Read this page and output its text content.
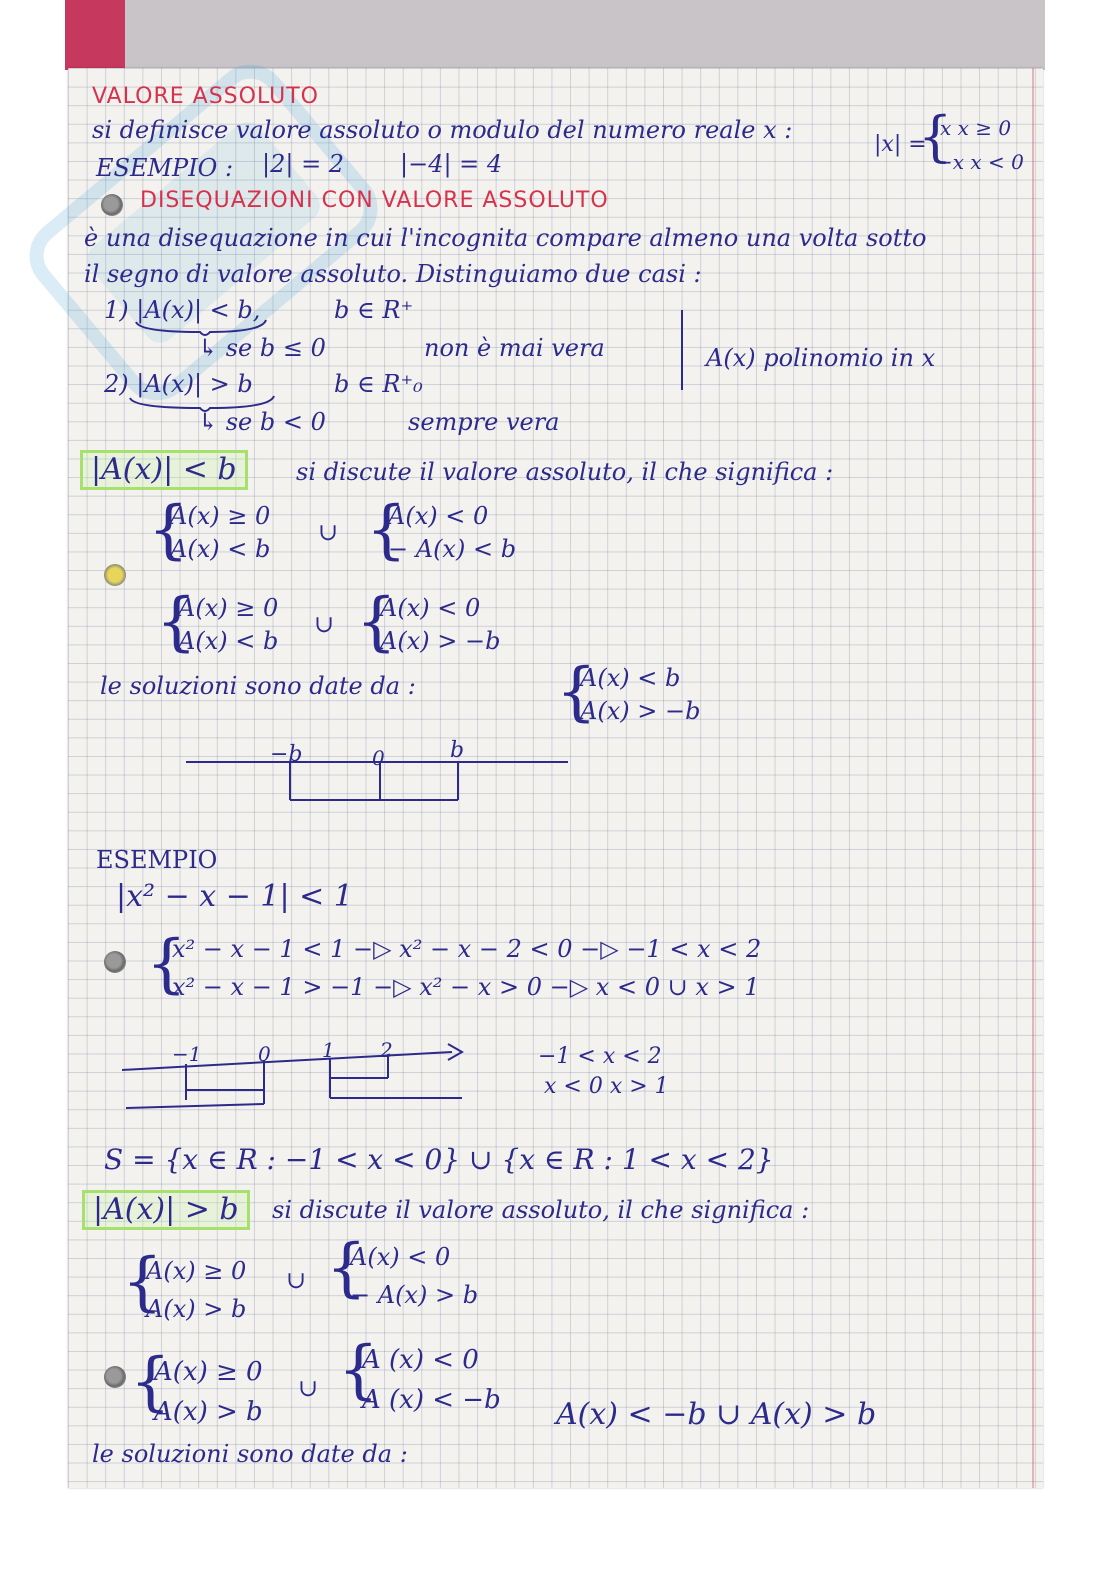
VALORE ASSOLUTO
si definisce valore assoluto o modulo del numero reale x :
|x| =
{
x x ≥ 0
−x x < 0
ESEMPIO : |2| = 2 |−4| = 4
DISEQUAZIONI CON VALORE ASSOLUTO
è una disequazione in cui l'incognita compare almeno una volta sotto
il segno di valore assoluto. Distinguiamo due casi :
1) |A(x)| < b,	b ∈ R⁺
↳ se b ≤ 0	non è mai vera	A(x) polinomio in x
2) |A(x)| > b	b ∈ R⁺₀
↳ se b < 0	sempre vera
|A(x)| < b	si discute il valore assoluto, il che significa :
{
A(x) ≥ 0
A(x) < b
∪ {
A(x) < 0
− A(x) < b
{
A(x) ≥ 0
A(x) < b
∪ {
A(x) < 0
A(x) > −b
le soluzioni sono date da : {
A(x) < b
A(x) > −b
−b	0	b
ESEMPIO
|x² − x − 1| < 1
{
x² − x − 1 < 1 −▷ x² − x − 2 < 0 −▷ −1 < x < 2
x² − x − 1 > −1 −▷ x² − x > 0 −▷ x < 0 ∪ x > 1
−1	0	1 2	−1 < x < 2
x < 0 x > 1
S = {x ∈ R : −1 < x < 0} ∪ {x ∈ R : 1 < x < 2}
|A(x)| > b	si discute il valore assoluto, il che significa :
{
A(x) ≥ 0
A(x) > b
∪ {
A(x) < 0
− A(x) > b
{
A(x) ≥ 0
A(x) > b
∪ {
A (x) < 0
A (x) < −b A(x) < −b ∪ A(x) > b
le soluzioni sono date da :
